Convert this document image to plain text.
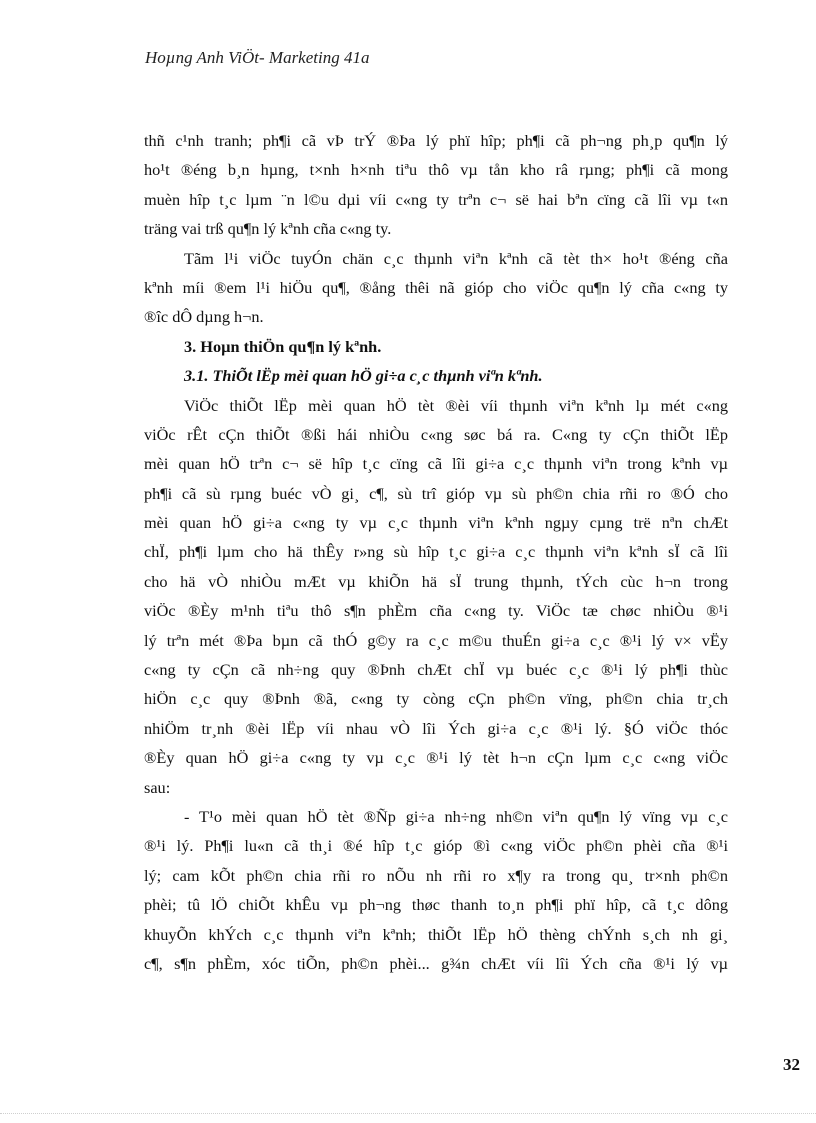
Hoµng Anh ViÖt- Marketing 41a
thñ c¹nh tranh; ph¶i cã vÞ trÝ ®Þa lý phï hîp; ph¶i cã ph¬ng ph¸p qu¶n lý
ho¹t ®éng b¸n hµng, t×nh h×nh tiªu thô vµ tån kho râ rµng; ph¶i cã mong
muèn hîp t¸c lµm ¨n l©u dµi víi c«ng ty trªn c¬ së hai bªn cïng cã lîi vµ t«n
träng vai trß qu¶n lý kªnh cña c«ng ty.
Tãm l¹i viÖc tuyÓn chän c¸c thµnh viªn kªnh cã tèt th× ho¹t ®éng cña
kªnh míi ®em l¹i hiÖu qu¶, ®ång thêi nã gióp cho viÖc qu¶n lý cña c«ng ty
®îc dÔ dµng h¬n.
3. Hoµn thiÖn qu¶n lý kªnh.
3.1. ThiÕt lËp mèi quan hÖ gi÷a c¸c thµnh viªn kªnh.
ViÖc thiÕt lËp mèi quan hÖ tèt ®èi víi thµnh viªn kªnh lµ mét c«ng
viÖc rÊt cÇn thiÕt ®ßi hái nhiÒu c«ng søc bá ra. C«ng ty cÇn thiÕt lËp
mèi quan hÖ trªn c¬ së hîp t¸c cïng cã lîi gi÷a c¸c thµnh viªn trong kªnh vµ
ph¶i cã sù rµng buéc vÒ gi¸ c¶, sù trî gióp vµ sù ph©n chia rñi ro ®Ó cho
mèi quan hÖ gi÷a c«ng ty vµ c¸c thµnh viªn kªnh ngµy cµng trë nªn chÆt
chÏ, ph¶i lµm cho hä thÊy r»ng sù hîp t¸c gi÷a c¸c thµnh viªn kªnh sÏ cã lîi
cho hä vÒ nhiÒu mÆt vµ khiÕn hä sÏ trung thµnh, tÝch cùc h¬n trong
viÖc ®Èy m¹nh tiªu thô s¶n phÈm cña c«ng ty. ViÖc tæ chøc nhiÒu ®¹i
lý trªn mét ®Þa bµn cã thÓ g©y ra c¸c m©u thuÉn gi÷a c¸c ®¹i lý v× vËy
c«ng ty cÇn cã nh÷ng quy ®Þnh chÆt chÏ vµ buéc c¸c ®¹i lý ph¶i thùc
hiÖn c¸c quy ®Þnh ®ã, c«ng ty còng cÇn ph©n vïng, ph©n chia tr¸ch
nhiÖm tr¸nh ®èi lËp víi nhau vÒ lîi Ých gi÷a c¸c ®¹i lý. §Ó viÖc thóc
®Èy quan hÖ gi÷a c«ng ty vµ c¸c ®¹i lý tèt h¬n cÇn lµm c¸c c«ng viÖc
sau:
- T¹o mèi quan hÖ tèt ®Ñp gi÷a nh÷ng nh©n viªn qu¶n lý vïng vµ c¸c
®¹i lý. Ph¶i lu«n cã th¸i ®é hîp t¸c gióp ®ì c«ng viÖc ph©n phèi cña ®¹i
lý; cam kÕt ph©n chia rñi ro nÕu nh rñi ro x¶y ra trong qu¸ tr×nh ph©n
phèi; tû lÖ chiÕt khÊu vµ ph¬ng thøc thanh to¸n ph¶i phï hîp, cã t¸c dông
khuyÕn khÝch c¸c thµnh viªn kªnh; thiÕt lËp hÖ thèng chÝnh s¸ch nh gi¸
c¶, s¶n phÈm, xóc tiÕn, ph©n phèi... g¾n chÆt víi lîi Ých cña ®¹i lý vµ
32
